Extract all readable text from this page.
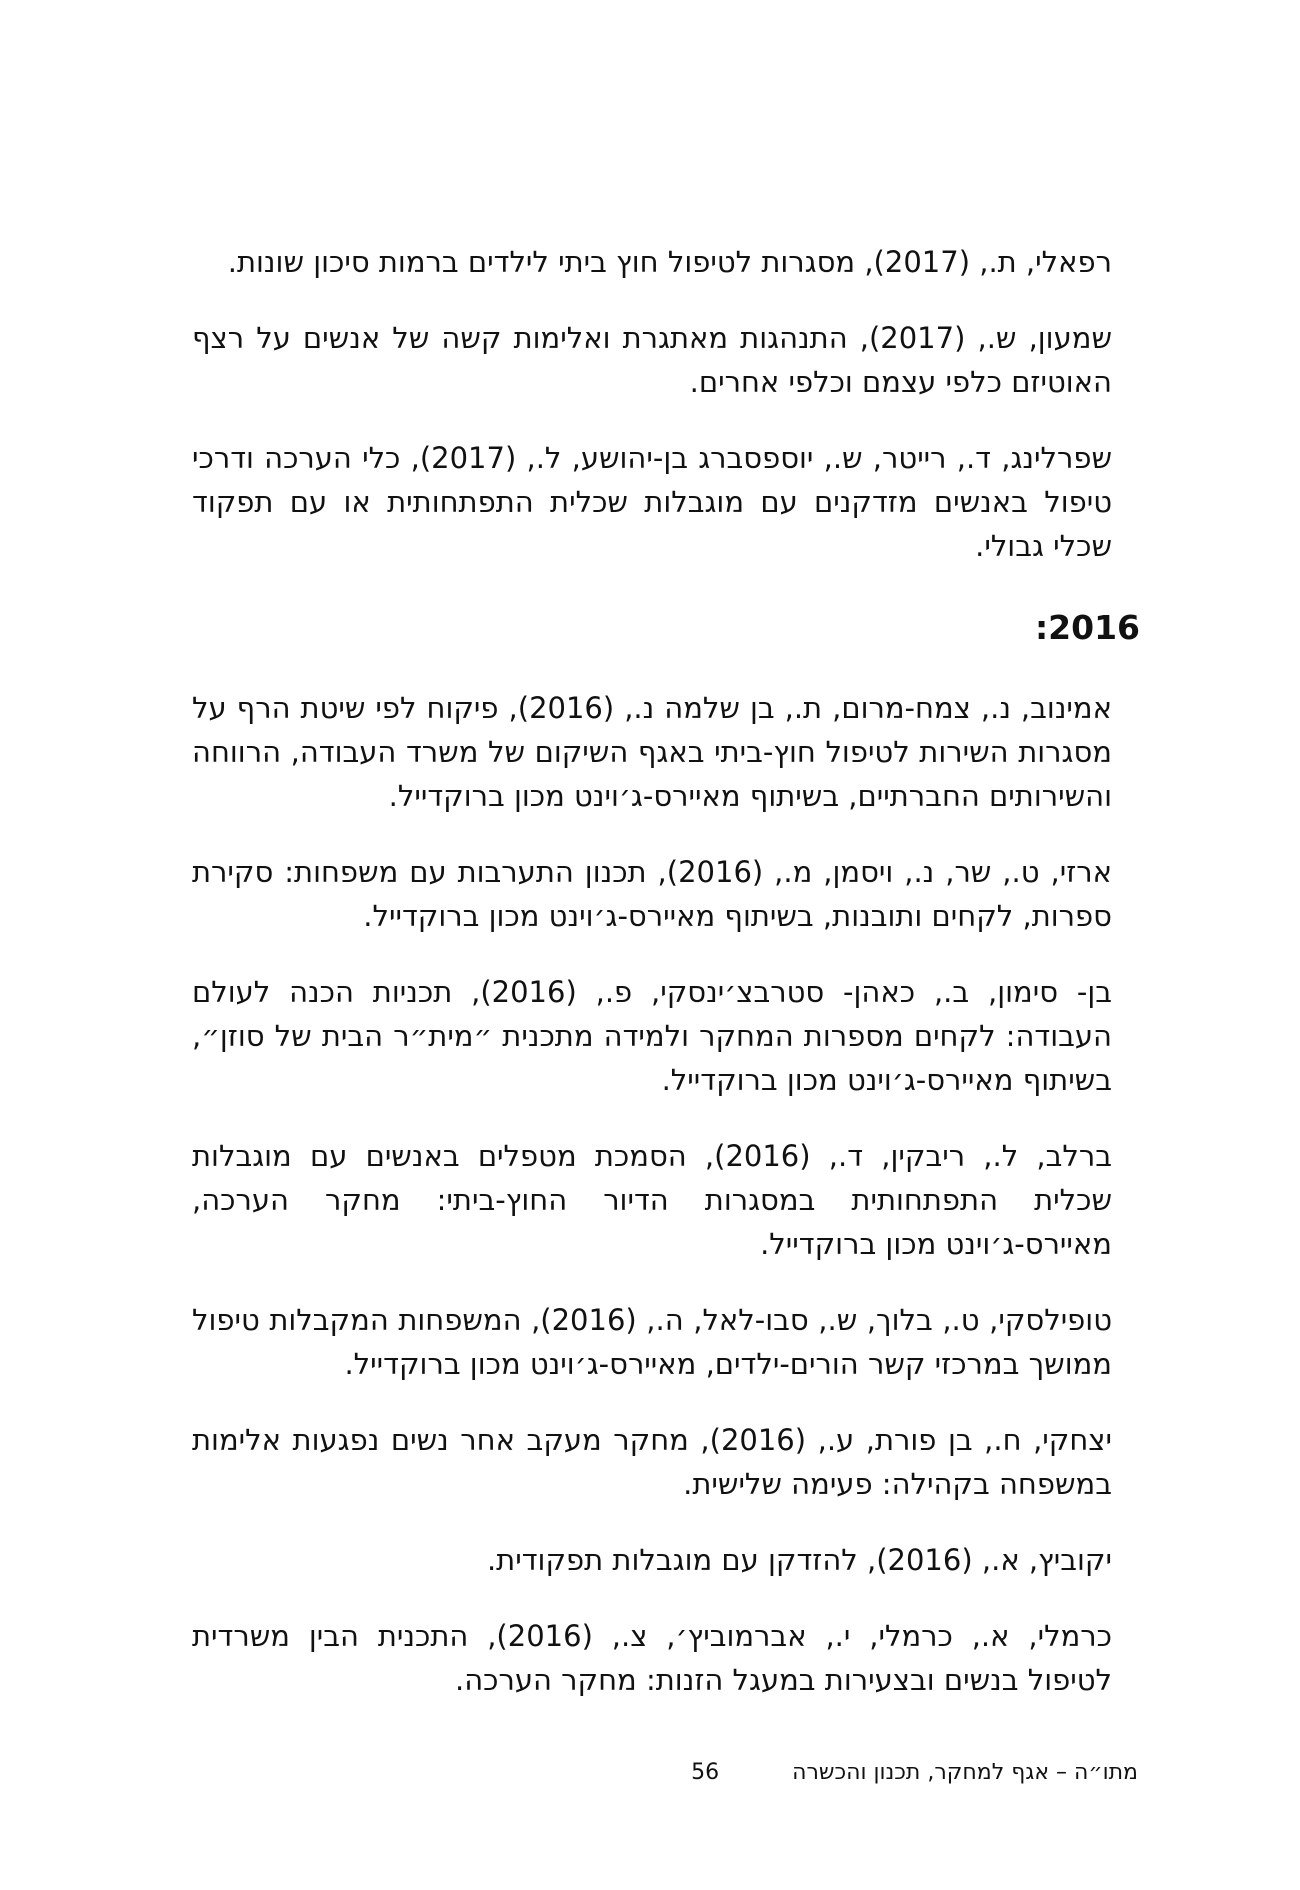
רפאלי, ת., (2017), מסגרות לטיפול חוץ ביתי לילדים ברמות סיכון שונות.

שמעון, ש., (2017), התנהגות מאתגרת ואלימות קשה של אנשים על רצף האוטיזם כלפי עצמם וכלפי אחרים.

שפרלינג, ד., רייטר, ש., יוספסברג בן-יהושע, ל., (2017), כלי הערכה ודרכי טיפול באנשים מזדקנים עם מוגבלות שכלית התפתחותית או עם תפקוד שכלי גבולי.

2016:

אמינוב, נ., צמח-מרום, ת., בן שלמה נ., (2016), פיקוח לפי שיטת הרף על מסגרות השירות לטיפול חוץ-ביתי באגף השיקום של משרד העבודה, הרווחה והשירותים החברתיים, בשיתוף מאיירס-ג׳וינט מכון ברוקדייל.

ארזי, ט., שר, נ., ויסמן, מ., (2016), תכנון התערבות עם משפחות: סקירת ספרות, לקחים ותובנות, בשיתוף מאיירס-ג׳וינט מכון ברוקדייל.

בן- סימון, ב., כאהן- סטרבצ׳ינסקי, פ., (2016), תכניות הכנה לעולם העבודה: לקחים מספרות המחקר ולמידה מתכנית ״מית״ר הבית של סוזן״, בשיתוף מאיירס-ג׳וינט מכון ברוקדייל.

ברלב, ל., ריבקין, ד., (2016), הסמכת מטפלים באנשים עם מוגבלות שכלית התפתחותית במסגרות הדיור החוץ-ביתי: מחקר הערכה, מאיירס-ג׳וינט מכון ברוקדייל.

טופילסקי, ט., בלוך, ש., סבו-לאל, ה., (2016), המשפחות המקבלות טיפול ממושך במרכזי קשר הורים-ילדים, מאיירס-ג׳וינט מכון ברוקדייל.

יצחקי, ח., בן פורת, ע., (2016), מחקר מעקב אחר נשים נפגעות אלימות במשפחה בקהילה: פעימה שלישית.

יקוביץ, א., (2016), להזדקן עם מוגבלות תפקודית.

כרמלי, א., כרמלי, י., אברמוביץ׳, צ., (2016), התכנית הבין משרדית לטיפול בנשים ובצעירות במעגל הזנות: מחקר הערכה.

מתו״ה – אגף למחקר, תכנון והכשרה 56
